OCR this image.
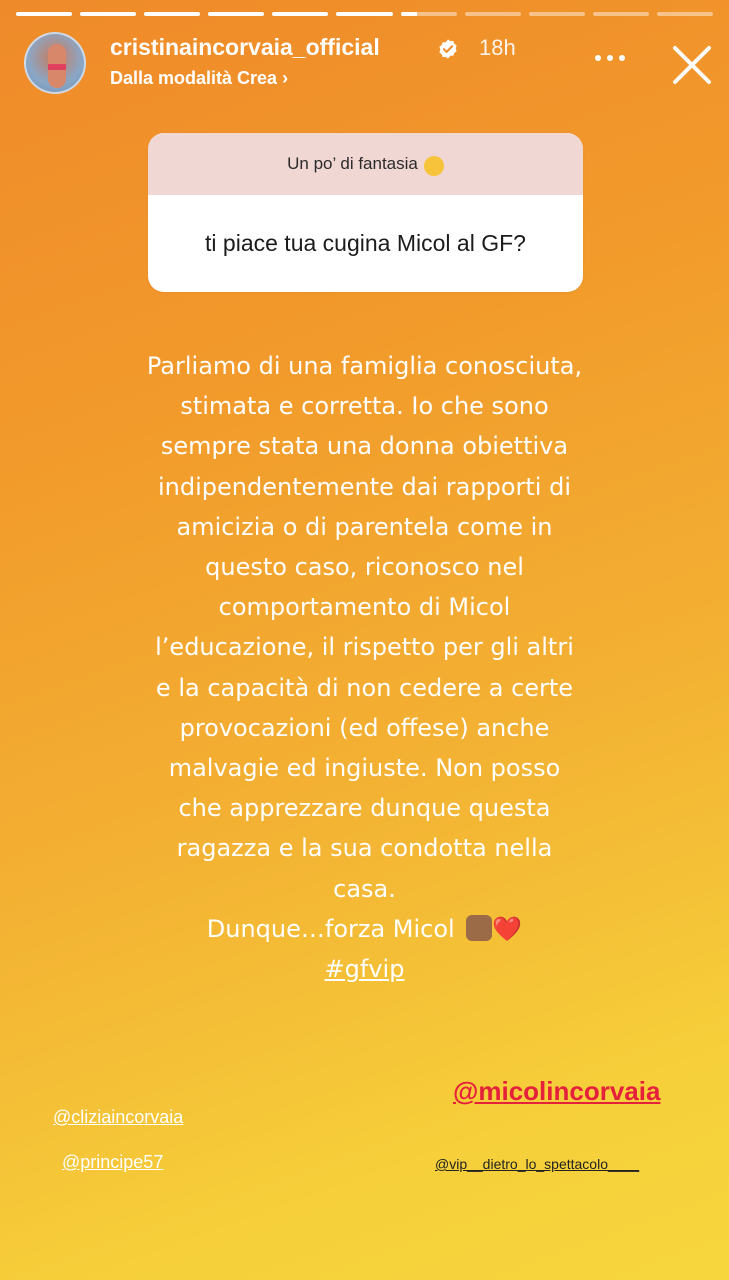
cristinaincorvaia_official	18h
Dalla modalità Crea ›
Un po’ di fantasia
ti piace tua cugina Micol al GF?
Parliamo di una famiglia conosciuta,
stimata e corretta. Io che sono
sempre stata una donna obiettiva
indipendentemente dai rapporti di
amicizia o di parentela come in
questo caso, riconosco nel
comportamento di Micol
l’educazione, il rispetto per gli altri
e la capacità di non cedere a certe
provocazioni (ed offese) anche
malvagie ed ingiuste. Non posso
che apprezzare dunque questa
ragazza e la sua condotta nella
casa.
Dunque…forza Micol ❤️
#gfvip
@micolincorvaia
@cliziaincorvaia
@principe57	@vip__dietro_lo_spettacolo____
